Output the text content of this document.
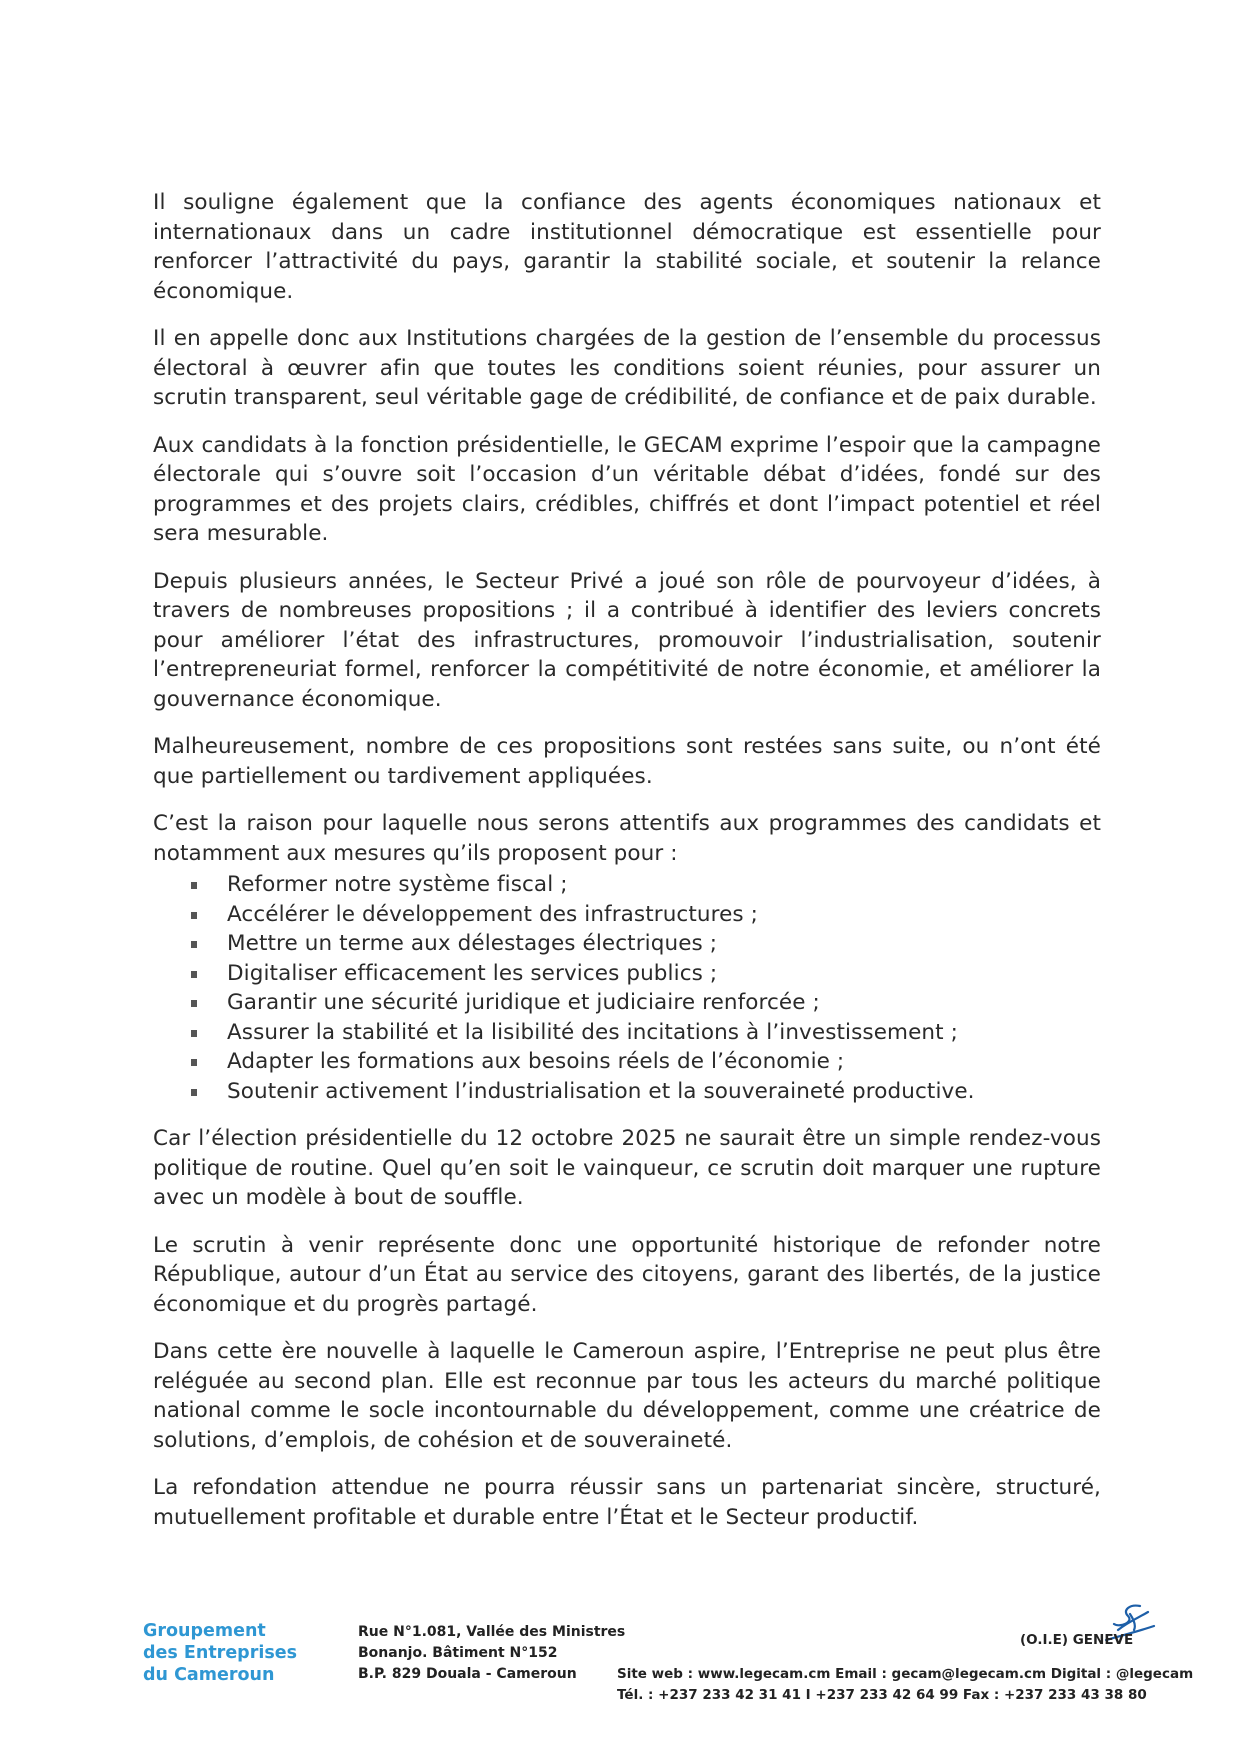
Il souligne également que la confiance des agents économiques nationaux et internationaux dans un cadre institutionnel démocratique est essentielle pour renforcer l’attractivité du pays, garantir la stabilité sociale, et soutenir la relance économique.

Il en appelle donc aux Institutions chargées de la gestion de l’ensemble du processus électoral à œuvrer afin que toutes les conditions soient réunies, pour assurer un scrutin transparent, seul véritable gage de crédibilité, de confiance et de paix durable.

Aux candidats à la fonction présidentielle, le GECAM exprime l’espoir que la campagne électorale qui s’ouvre soit l’occasion d’un véritable débat d’idées, fondé sur des programmes et des projets clairs, crédibles, chiffrés et dont l’impact potentiel et réel sera mesurable.

Depuis plusieurs années, le Secteur Privé a joué son rôle de pourvoyeur d’idées, à travers de nombreuses propositions ; il a contribué à identifier des leviers concrets pour améliorer l’état des infrastructures, promouvoir l’industrialisation, soutenir l’entrepreneuriat formel, renforcer la compétitivité de notre économie, et améliorer la gouvernance économique.

Malheureusement, nombre de ces propositions sont restées sans suite, ou n’ont été que partiellement ou tardivement appliquées.

C’est la raison pour laquelle nous serons attentifs aux programmes des candidats et notamment aux mesures qu’ils proposent pour :

Reformer notre système fiscal ;
Accélérer le développement des infrastructures ;
Mettre un terme aux délestages électriques ;
Digitaliser efficacement les services publics ;
Garantir une sécurité juridique et judiciaire renforcée ;
Assurer la stabilité et la lisibilité des incitations à l’investissement ;
Adapter les formations aux besoins réels de l’économie ;
Soutenir activement l’industrialisation et la souveraineté productive.

Car l’élection présidentielle du 12 octobre 2025 ne saurait être un simple rendez-vous politique de routine. Quel qu’en soit le vainqueur, ce scrutin doit marquer une rupture avec un modèle à bout de souffle.

Le scrutin à venir représente donc une opportunité historique de refonder notre République, autour d’un État au service des citoyens, garant des libertés, de la justice économique et du progrès partagé.

Dans cette ère nouvelle à laquelle le Cameroun aspire, l’Entreprise ne peut plus être reléguée au second plan. Elle est reconnue par tous les acteurs du marché politique national comme le socle incontournable du développement, comme une créatrice de solutions, d’emplois, de cohésion et de souveraineté.

La refondation attendue ne pourra réussir sans un partenariat sincère, structuré, mutuellement profitable et durable entre l’État et le Secteur productif.

Groupement
des Entreprises
du Cameroun
Rue N°1.081, Vallée des Ministres
Bonanjo. Bâtiment N°152
B.P. 829 Douala - Cameroun
(O.I.E) GENEVE
Site web : www.legecam.cm Email : gecam@legecam.cm Digital : @legecam
Tél. : +237 233 42 31 41 I +237 233 42 64 99 Fax : +237 233 43 38 80
